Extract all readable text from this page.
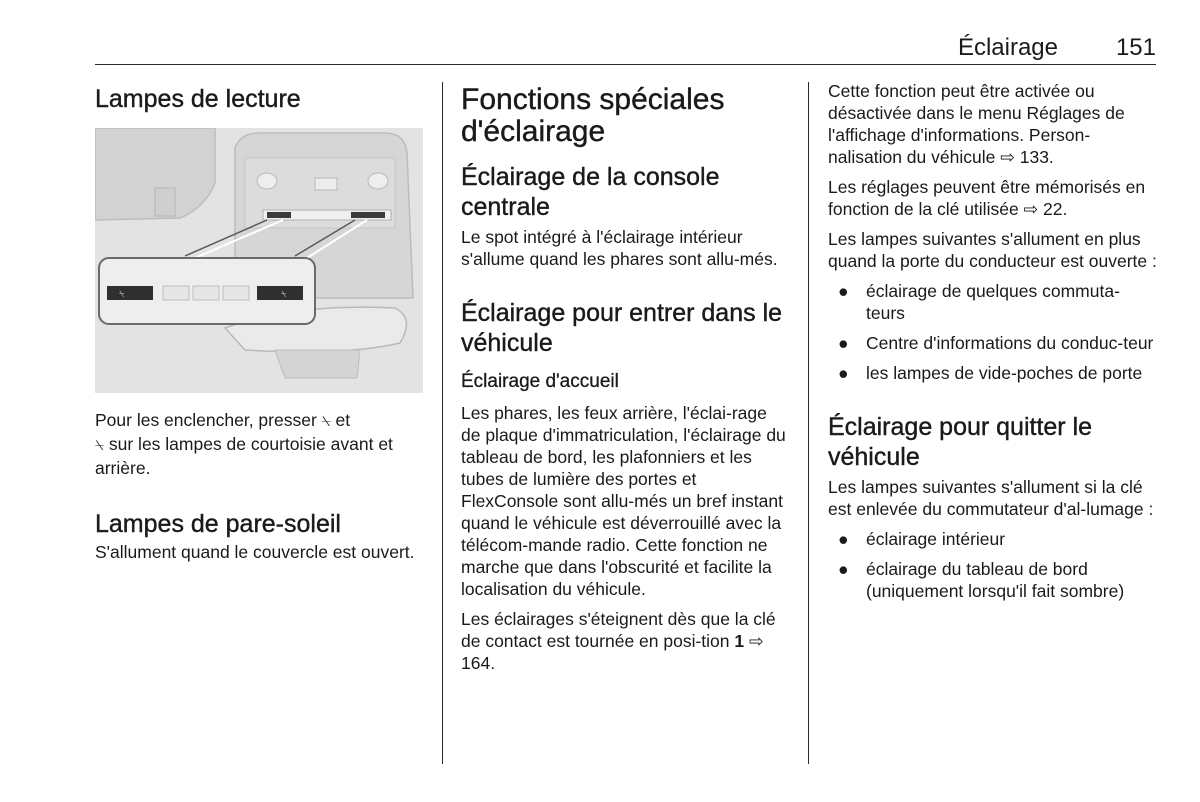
Éclairage 151
Lampes de lecture
⍀	⍀

Pour les enclencher, presser ⍀ et
⍀ sur les lampes de courtoisie avant et arrière.

Lampes de pare-soleil

S'allument quand le couvercle est ouvert.

Fonctions spéciales d'éclairage
Éclairage de la console centrale

Le spot intégré à l'éclairage intérieur s'allume quand les phares sont allu-més.

Éclairage pour entrer dans le véhicule
Éclairage d'accueil

Les phares, les feux arrière, l'éclai-rage de plaque d'immatriculation, l'éclairage du tableau de bord, les plafonniers et les tubes de lumière des portes et FlexConsole sont allu-més un bref instant quand le véhicule est déverrouillé avec la télécom-mande radio. Cette fonction ne marche que dans l'obscurité et facilite la localisation du véhicule.

Les éclairages s'éteignent dès que la clé de contact est tournée en posi-tion 1 ⇨ 164.

Cette fonction peut être activée ou désactivée dans le menu Réglages de l'affichage d'informations. Person-nalisation du véhicule ⇨ 133.

Les réglages peuvent être mémorisés en fonction de la clé utilisée ⇨ 22.

Les lampes suivantes s'allument en plus quand la porte du conducteur est ouverte :

● éclairage de quelques commuta-teurs
● Centre d'informations du conduc-teur
● les lampes de vide-poches de porte
Éclairage pour quitter le véhicule

Les lampes suivantes s'allument si la clé est enlevée du commutateur d'al-lumage :

● éclairage intérieur
● éclairage du tableau de bord (uniquement lorsqu'il fait sombre)
